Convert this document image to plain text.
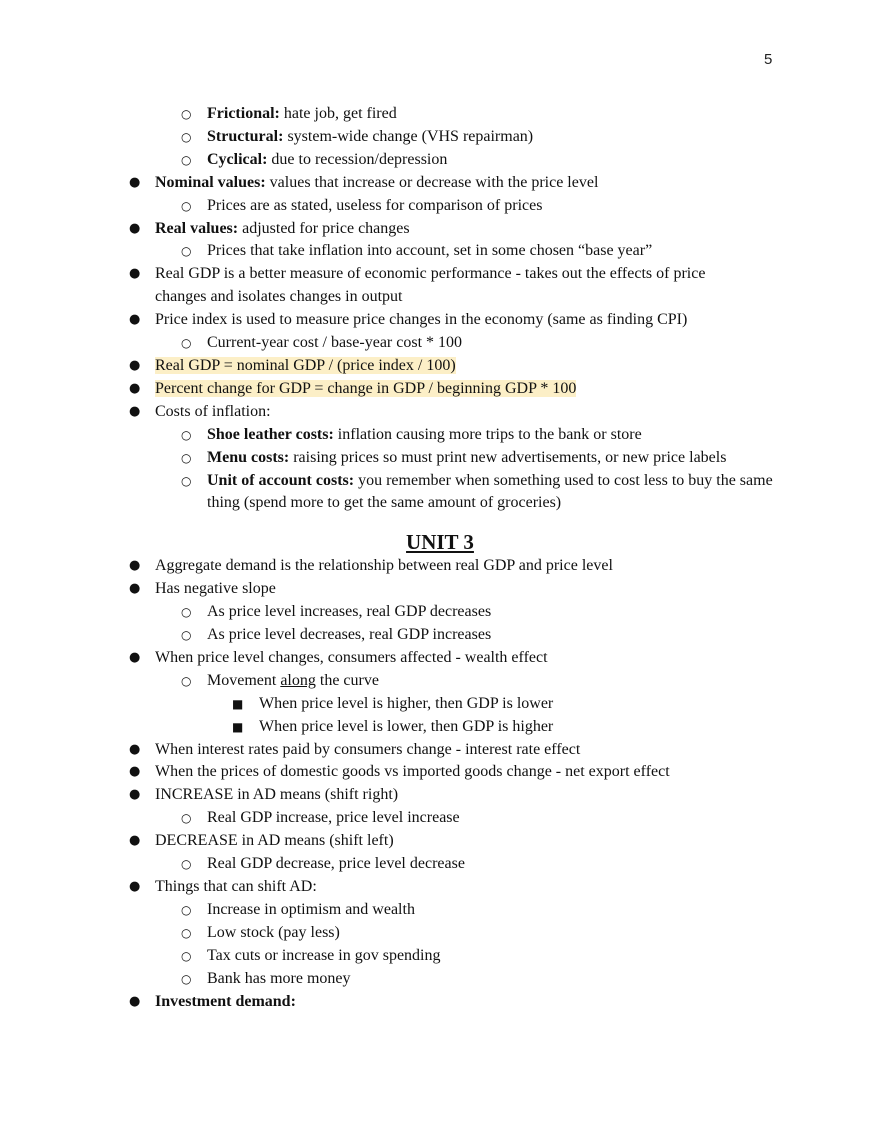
5
○ Frictional: hate job, get fired
○ Structural: system-wide change (VHS repairman)
○ Cyclical: due to recession/depression
● Nominal values: values that increase or decrease with the price level
○ Prices are as stated, useless for comparison of prices
● Real values: adjusted for price changes
○ Prices that take inflation into account, set in some chosen “base year”
● Real GDP is a better measure of economic performance - takes out the effects of price changes and isolates changes in output
● Price index is used to measure price changes in the economy (same as finding CPI)
○ Current-year cost / base-year cost * 100
● Real GDP = nominal GDP / (price index / 100)
● Percent change for GDP = change in GDP / beginning GDP * 100
● Costs of inflation:
○ Shoe leather costs: inflation causing more trips to the bank or store
○ Menu costs: raising prices so must print new advertisements, or new price labels
○ Unit of account costs: you remember when something used to cost less to buy the same thing (spend more to get the same amount of groceries)
UNIT 3
● Aggregate demand is the relationship between real GDP and price level
● Has negative slope
○ As price level increases, real GDP decreases
○ As price level decreases, real GDP increases
● When price level changes, consumers affected - wealth effect
○ Movement along the curve
■ When price level is higher, then GDP is lower
■ When price level is lower, then GDP is higher
● When interest rates paid by consumers change - interest rate effect
● When the prices of domestic goods vs imported goods change - net export effect
● INCREASE in AD means (shift right)
○ Real GDP increase, price level increase
● DECREASE in AD means (shift left)
○ Real GDP decrease, price level decrease
● Things that can shift AD:
○ Increase in optimism and wealth
○ Low stock (pay less)
○ Tax cuts or increase in gov spending
○ Bank has more money
● Investment demand:
